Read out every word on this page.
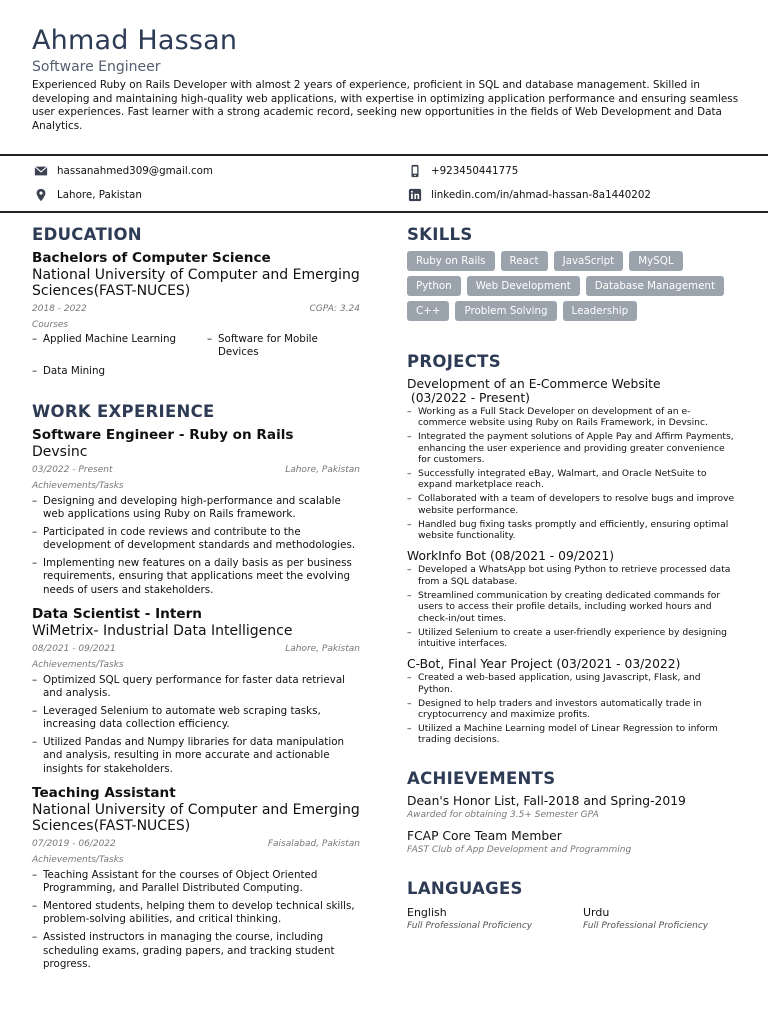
Ahmad Hassan
Software Engineer
Experienced Ruby on Rails Developer with almost 2 years of experience, proficient in SQL and database management. Skilled in developing and maintaining high-quality web applications, with expertise in optimizing application performance and ensuring seamless user experiences. Fast learner with a strong academic record, seeking new opportunities in the fields of Web Development and Data Analytics.
hassanahmed309@gmail.com	+923450441775
Lahore, Pakistan	linkedin.com/in/ahmad-hassan-8a1440202
EDUCATION
Bachelors of Computer Science
National University of Computer and Emerging Sciences(FAST-NUCES)
2018 - 2022	CGPA: 3.24
Courses
– Applied Machine Learning
–	Software for Mobile Devices
– Data Mining
WORK EXPERIENCE
Software Engineer - Ruby on Rails
Devsinc
03/2022 - Present	Lahore, Pakistan
Achievements/Tasks
– Designing and developing high-performance and scalable web applications using Ruby on Rails framework.
– Participated in code reviews and contribute to the development of development standards and methodologies.
– Implementing new features on a daily basis as per business requirements, ensuring that applications meet the evolving needs of users and stakeholders.
Data Scientist - Intern
WiMetrix- Industrial Data Intelligence
08/2021 - 09/2021	Lahore, Pakistan
Achievements/Tasks
– Optimized SQL query performance for faster data retrieval and analysis.
– Leveraged Selenium to automate web scraping tasks, increasing data collection efficiency.
– Utilized Pandas and Numpy libraries for data manipulation and analysis, resulting in more accurate and actionable insights for stakeholders.
Teaching Assistant
National University of Computer and Emerging Sciences(FAST-NUCES)
07/2019 - 06/2022	Faisalabad, Pakistan
Achievements/Tasks
– Teaching Assistant for the courses of Object Oriented Programming, and Parallel Distributed Computing.
– Mentored students, helping them to develop technical skills, problem-solving abilities, and critical thinking.
– Assisted instructors in managing the course, including scheduling exams, grading papers, and tracking student progress.
SKILLS
Ruby on Rails	React	JavaScript	MySQL
Python	Web Development	Database Management
C++	Problem Solving	Leadership
PROJECTS
Development of an E-Commerce Website
(03/2022 - Present)
– Working as a Full Stack Developer on development of an e-commerce website using Ruby on Rails Framework, in Devsinc.
– Integrated the payment solutions of Apple Pay and Affirm Payments, enhancing the user experience and providing greater convenience for customers.
– Successfully integrated eBay, Walmart, and Oracle NetSuite to expand marketplace reach.
– Collaborated with a team of developers to resolve bugs and improve website performance.
– Handled bug fixing tasks promptly and efficiently, ensuring optimal website functionality.
WorkInfo Bot (08/2021 - 09/2021)
– Developed a WhatsApp bot using Python to retrieve processed data from a SQL database.
– Streamlined communication by creating dedicated commands for users to access their profile details, including worked hours and check-in/out times.
– Utilized Selenium to create a user-friendly experience by designing intuitive interfaces.
C-Bot, Final Year Project (03/2021 - 03/2022)
– Created a web-based application, using Javascript, Flask, and Python.
– Designed to help traders and investors automatically trade in cryptocurrency and maximize profits.
– Utilized a Machine Learning model of Linear Regression to inform trading decisions.
ACHIEVEMENTS
Dean's Honor List, Fall-2018 and Spring-2019
Awarded for obtaining 3.5+ Semester GPA
FCAP Core Team Member
FAST Club of App Development and Programming
LANGUAGES
English
Full Professional Proficiency
Urdu
Full Professional Proficiency
